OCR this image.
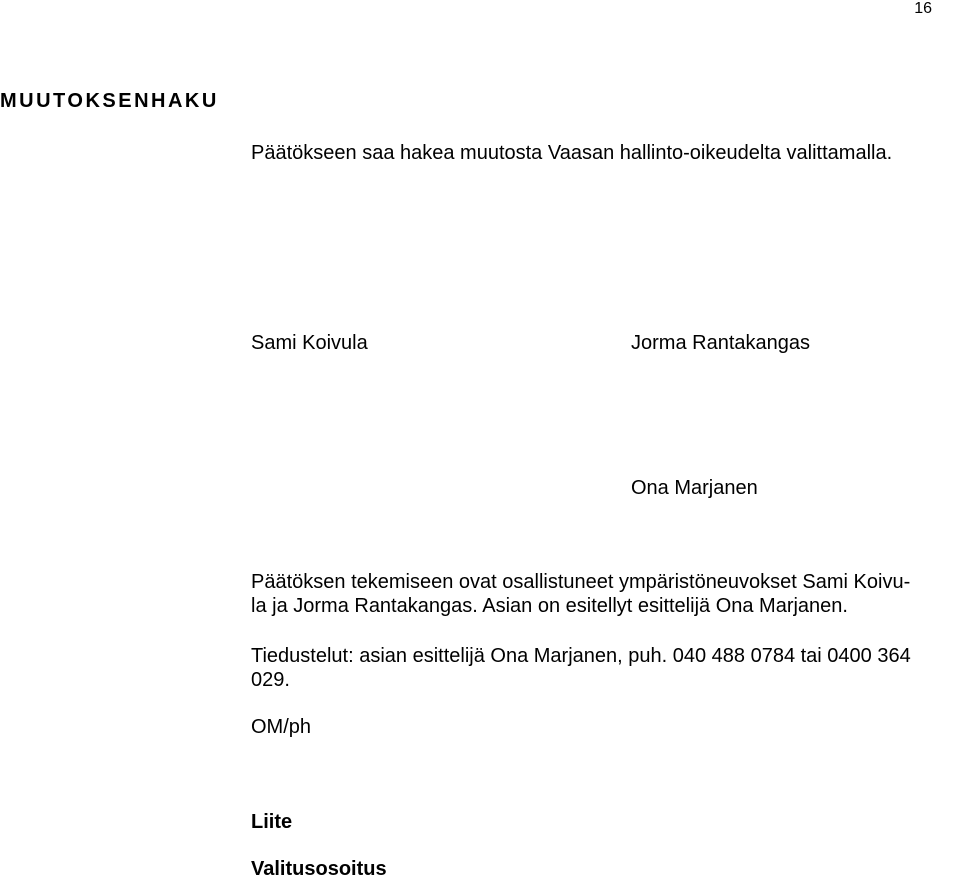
16
MUUTOKSENHAKU
Päätökseen saa hakea muutosta Vaasan hallinto-oikeudelta valittamalla.
Sami Koivula	Jorma Rantakangas
Ona Marjanen
Päätöksen tekemiseen ovat osallistuneet ympäristöneuvokset Sami Koivu-
la ja Jorma Rantakangas. Asian on esitellyt esittelijä Ona Marjanen.
Tiedustelut: asian esittelijä Ona Marjanen, puh. 040 488 0784 tai 0400 364
029.
OM/ph
Liite
Valitusosoitus
